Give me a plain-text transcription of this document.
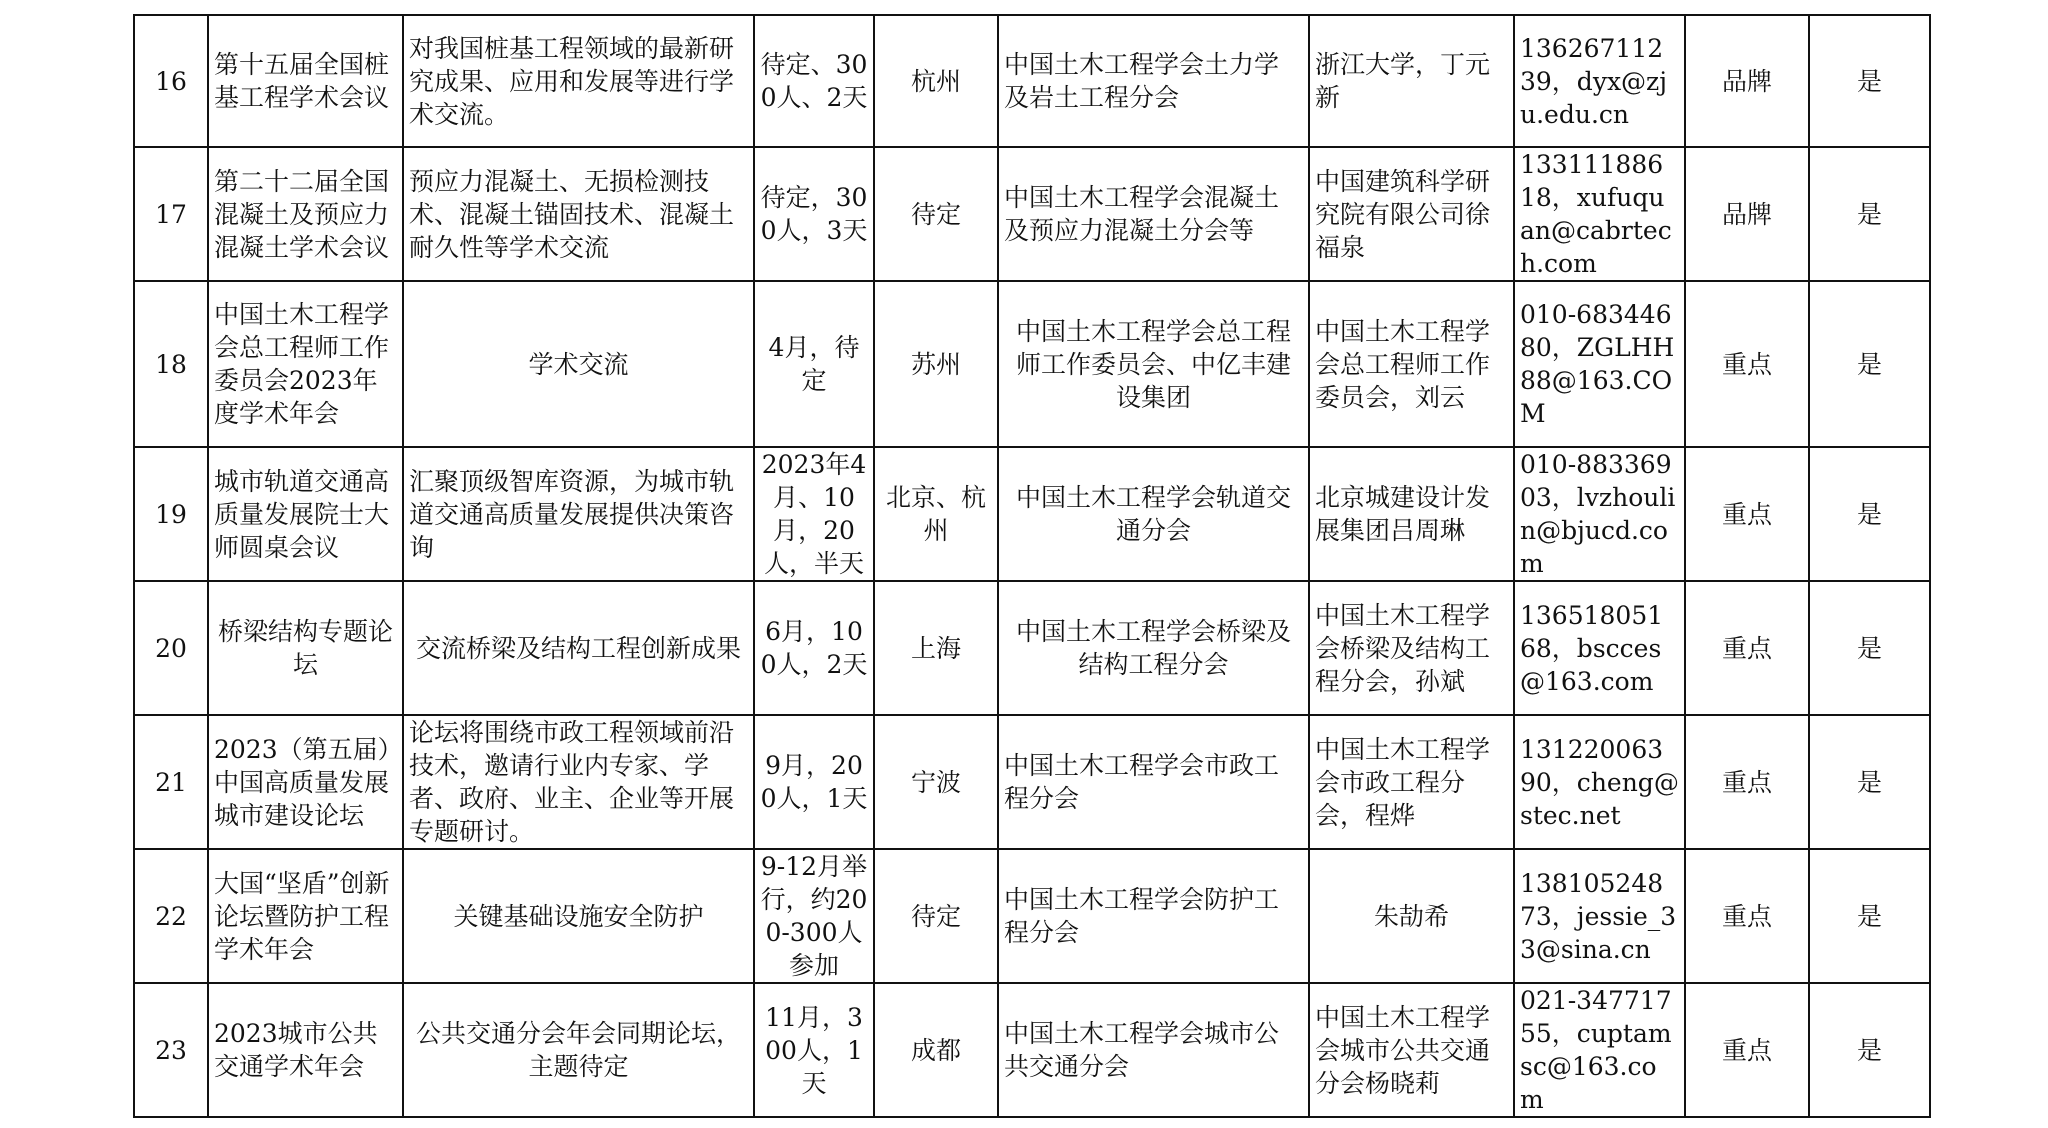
16	第十五届全国桩基工程学术会议	对我国桩基工程领域的最新研究成果、应用和发展等进行学术交流。	待定、300人、2天	杭州	中国土木工程学会土力学及岩土工程分会	浙江大学，丁元新	13626711239，dyx@zju.edu.cn	品牌	是
17	第二十二届全国混凝土及预应力混凝土学术会议	预应力混凝土、无损检测技术、混凝土锚固技术、混凝土耐久性等学术交流	待定，300人，3天	待定	中国土木工程学会混凝土及预应力混凝土分会等	中国建筑科学研究院有限公司徐福泉	13311188618，xufuquan@cabrtech.com	品牌	是
18	中国土木工程学会总工程师工作委员会2023年度学术年会	学术交流	4月，待定	苏州	中国土木工程学会总工程师工作委员会、中亿丰建设集团	中国土木工程学会总工程师工作委员会，刘云	010-68344680，ZGLHH88@163.COM	重点	是
19	城市轨道交通高质量发展院士大师圆桌会议	汇聚顶级智库资源，为城市轨道交通高质量发展提供决策咨询	2023年4月、10月，20人，半天	北京、杭州	中国土木工程学会轨道交通分会	北京城建设计发展集团吕周琳	010-88336903，lvzhoulin@bjucd.com	重点	是
20	桥梁结构专题论坛	交流桥梁及结构工程创新成果	6月，100人，2天	上海	中国土木工程学会桥梁及结构工程分会	中国土木工程学会桥梁及结构工程分会，孙斌	13651805168，bscces@163.com	重点	是
21	2023（第五届）中国高质量发展城市建设论坛	论坛将围绕市政工程领域前沿技术，邀请行业内专家、学者、政府、业主、企业等开展专题研讨。	9月，200人，1天	宁波	中国土木工程学会市政工程分会	中国土木工程学会市政工程分会，程烨	13122006390，cheng@stec.net	重点	是
22	大国“坚盾”创新论坛暨防护工程学术年会	关键基础设施安全防护	9-12月举行，约200-300人参加	待定	中国土木工程学会防护工程分会	朱劼希	13810524873，jessie_33@sina.cn	重点	是
23	2023城市公共交通学术年会	公共交通分会年会同期论坛，主题待定	11月，300人，1天	成都	中国土木工程学会城市公共交通分会	中国土木工程学会城市公共交通分会杨晓莉	021-34771755，cuptamsc@163.com	重点	是
